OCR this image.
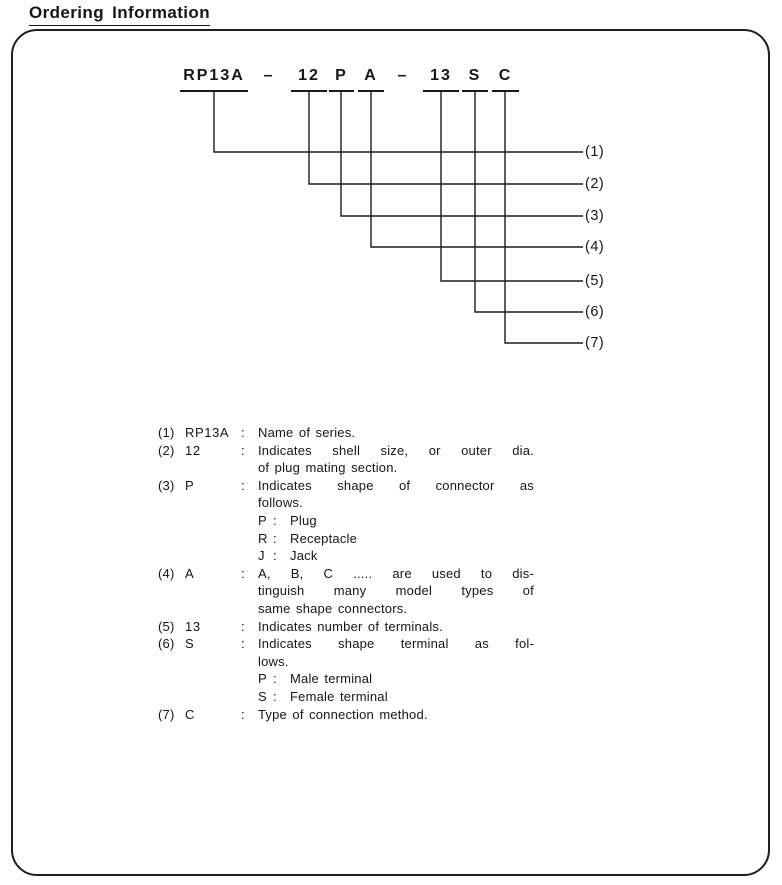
Ordering Information
RP13A	–	12 P	A	–	13	S	C
(1)
(2)
(3)
(4)
(5)
(6)
(7)
(1) RP13A :	Name of series.
(2) 12	:	Indicates shell size, or outer dia.
of plug mating section.
(3) P	:	Indicates shape of connector as
follows.
P :	Plug
R :	Receptacle
J :	Jack
(4) A	:	A, B, C ..... are used to dis-
tinguish many model types of
same shape connectors.
(5) 13	:	Indicates number of terminals.
(6) S	:	Indicates shape terminal as fol-
lows.
P :	Male terminal
S :	Female terminal
(7) C	:	Type of connection method.
